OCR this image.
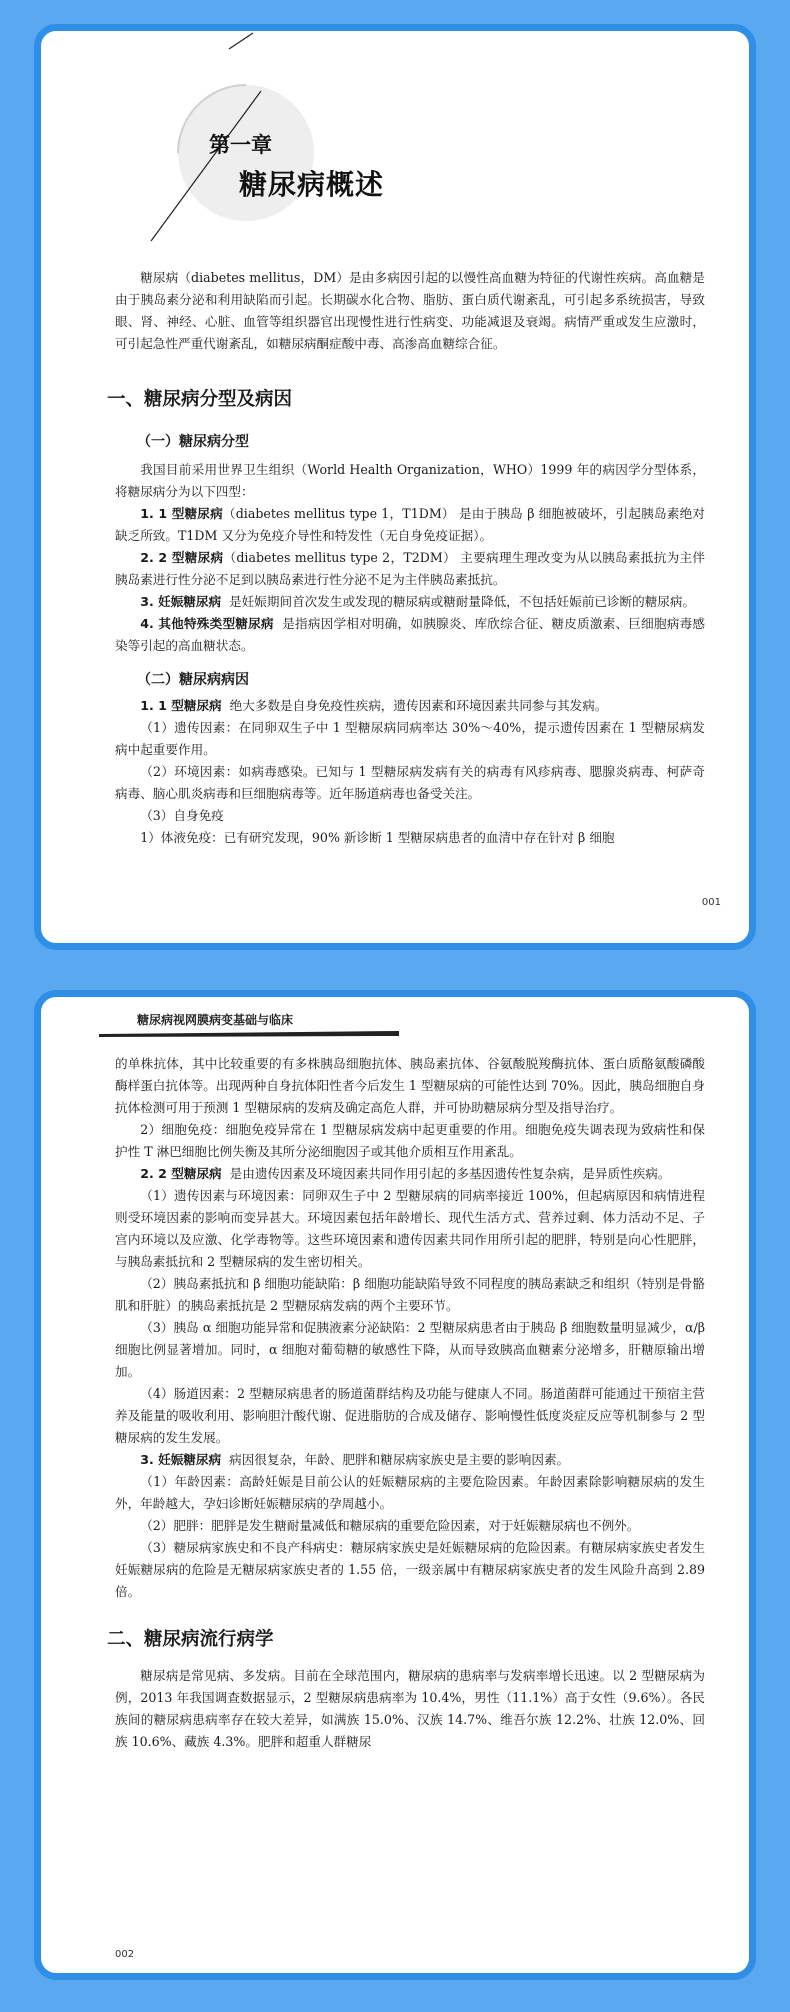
第一章
糖尿病概述

糖尿病（diabetes mellitus，DM）是由多病因引起的以慢性高血糖为特征的代谢性疾病。高血糖是由于胰岛素分泌和利用缺陷而引起。长期碳水化合物、脂肪、蛋白质代谢紊乱，可引起多系统损害，导致眼、肾、神经、心脏、血管等组织器官出现慢性进行性病变、功能减退及衰竭。病情严重或发生应激时，可引起急性严重代谢紊乱，如糖尿病酮症酸中毒、高渗高血糖综合征。

一、糖尿病分型及病因
（一）糖尿病分型

我国目前采用世界卫生组织（World Health Organization，WHO）1999 年的病因学分型体系，将糖尿病分为以下四型：

1. 1 型糖尿病（diabetes mellitus type 1，T1DM） 是由于胰岛 β 细胞被破坏，引起胰岛素绝对缺乏所致。T1DM 又分为免疫介导性和特发性（无自身免疫证据）。

2. 2 型糖尿病（diabetes mellitus type 2，T2DM） 主要病理生理改变为从以胰岛素抵抗为主伴胰岛素进行性分泌不足到以胰岛素进行性分泌不足为主伴胰岛素抵抗。

3. 妊娠糖尿病 是妊娠期间首次发生或发现的糖尿病或糖耐量降低，不包括妊娠前已诊断的糖尿病。

4. 其他特殊类型糖尿病 是指病因学相对明确，如胰腺炎、库欣综合征、糖皮质激素、巨细胞病毒感染等引起的高血糖状态。

（二）糖尿病病因

1. 1 型糖尿病 绝大多数是自身免疫性疾病，遗传因素和环境因素共同参与其发病。

（1）遗传因素：在同卵双生子中 1 型糖尿病同病率达 30%～40%，提示遗传因素在 1 型糖尿病发病中起重要作用。

（2）环境因素：如病毒感染。已知与 1 型糖尿病发病有关的病毒有风疹病毒、腮腺炎病毒、柯萨奇病毒、脑心肌炎病毒和巨细胞病毒等。近年肠道病毒也备受关注。

（3）自身免疫

1）体液免疫：已有研究发现，90% 新诊断 1 型糖尿病患者的血清中存在针对 β 细胞

001
糖尿病视网膜病变基础与临床

的单株抗体，其中比较重要的有多株胰岛细胞抗体、胰岛素抗体、谷氨酸脱羧酶抗体、蛋白质酪氨酸磷酸酶样蛋白抗体等。出现两种自身抗体阳性者今后发生 1 型糖尿病的可能性达到 70%。因此，胰岛细胞自身抗体检测可用于预测 1 型糖尿病的发病及确定高危人群，并可协助糖尿病分型及指导治疗。

2）细胞免疫：细胞免疫异常在 1 型糖尿病发病中起更重要的作用。细胞免疫失调表现为致病性和保护性 T 淋巴细胞比例失衡及其所分泌细胞因子或其他介质相互作用紊乱。

2. 2 型糖尿病 是由遗传因素及环境因素共同作用引起的多基因遗传性复杂病，是异质性疾病。

（1）遗传因素与环境因素：同卵双生子中 2 型糖尿病的同病率接近 100%，但起病原因和病情进程则受环境因素的影响而变异甚大。环境因素包括年龄增长、现代生活方式、营养过剩、体力活动不足、子宫内环境以及应激、化学毒物等。这些环境因素和遗传因素共同作用所引起的肥胖，特别是向心性肥胖，与胰岛素抵抗和 2 型糖尿病的发生密切相关。

（2）胰岛素抵抗和 β 细胞功能缺陷：β 细胞功能缺陷导致不同程度的胰岛素缺乏和组织（特别是骨骼肌和肝脏）的胰岛素抵抗是 2 型糖尿病发病的两个主要环节。

（3）胰岛 α 细胞功能异常和促胰液素分泌缺陷：2 型糖尿病患者由于胰岛 β 细胞数量明显减少，α/β 细胞比例显著增加。同时，α 细胞对葡萄糖的敏感性下降，从而导致胰高血糖素分泌增多，肝糖原输出增加。

（4）肠道因素：2 型糖尿病患者的肠道菌群结构及功能与健康人不同。肠道菌群可能通过干预宿主营养及能量的吸收利用、影响胆汁酸代谢、促进脂肪的合成及储存、影响慢性低度炎症反应等机制参与 2 型糖尿病的发生发展。

3. 妊娠糖尿病 病因很复杂，年龄、肥胖和糖尿病家族史是主要的影响因素。

（1）年龄因素：高龄妊娠是目前公认的妊娠糖尿病的主要危险因素。年龄因素除影响糖尿病的发生外，年龄越大，孕妇诊断妊娠糖尿病的孕周越小。

（2）肥胖：肥胖是发生糖耐量减低和糖尿病的重要危险因素，对于妊娠糖尿病也不例外。

（3）糖尿病家族史和不良产科病史：糖尿病家族史是妊娠糖尿病的危险因素。有糖尿病家族史者发生妊娠糖尿病的危险是无糖尿病家族史者的 1.55 倍，一级亲属中有糖尿病家族史者的发生风险升高到 2.89 倍。

二、糖尿病流行病学

糖尿病是常见病、多发病。目前在全球范围内，糖尿病的患病率与发病率增长迅速。以 2 型糖尿病为例，2013 年我国调查数据显示，2 型糖尿病患病率为 10.4%，男性（11.1%）高于女性（9.6%）。各民族间的糖尿病患病率存在较大差异，如满族 15.0%、汉族 14.7%、维吾尔族 12.2%、壮族 12.0%、回族 10.6%、藏族 4.3%。肥胖和超重人群糖尿

002
